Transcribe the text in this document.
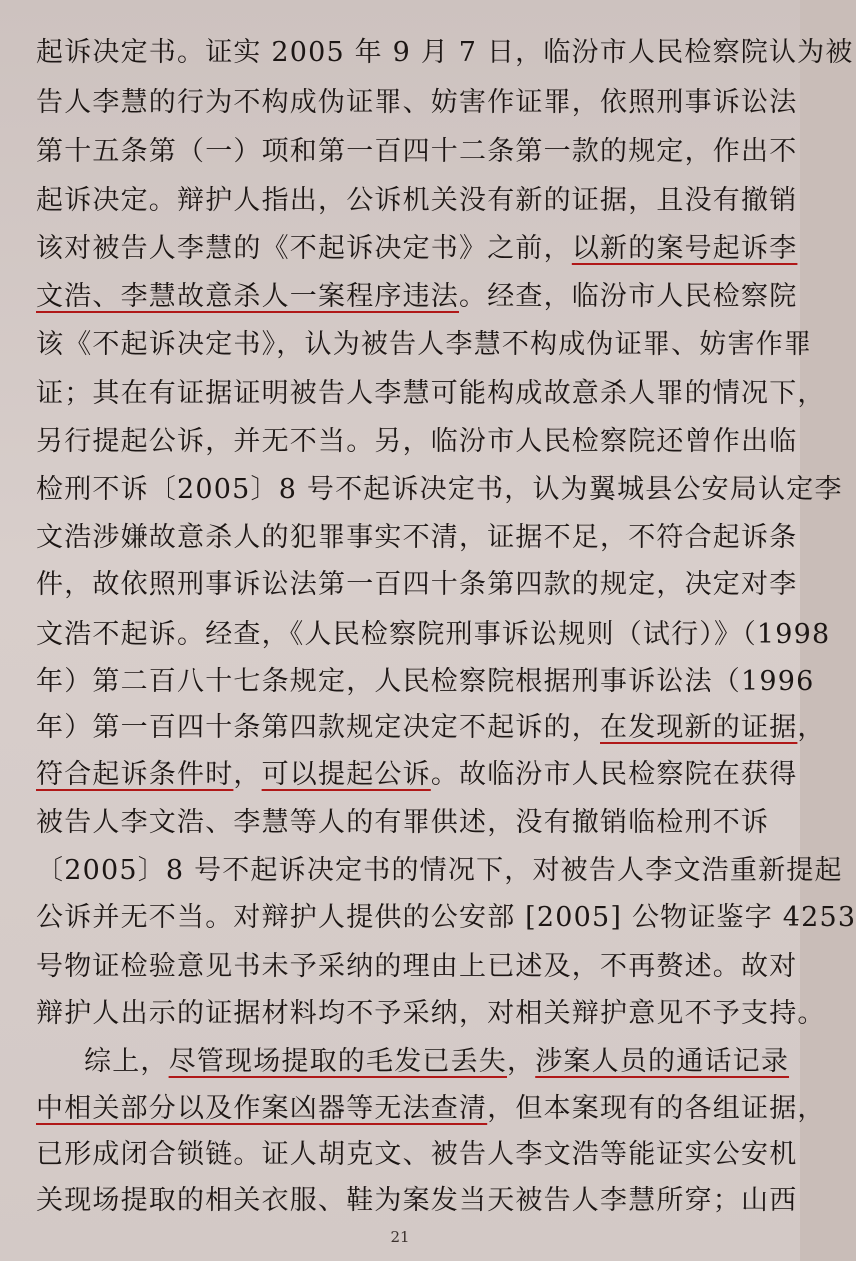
起诉决定书。证实 2005 年 9 月 7 日，临汾市人民检察院认为被
告人李慧的行为不构成伪证罪、妨害作证罪，依照刑事诉讼法
第十五条第（一）项和第一百四十二条第一款的规定，作出不
起诉决定。辩护人指出，公诉机关没有新的证据，且没有撤销
该对被告人李慧的《不起诉决定书》之前，以新的案号起诉李
文浩、李慧故意杀人一案程序违法。经查，临汾市人民检察院
该《不起诉决定书》，认为被告人李慧不构成伪证罪、妨害作罪
证；其在有证据证明被告人李慧可能构成故意杀人罪的情况下，
另行提起公诉，并无不当。另，临汾市人民检察院还曾作出临
检刑不诉〔2005〕8 号不起诉决定书，认为翼城县公安局认定李
文浩涉嫌故意杀人的犯罪事实不清，证据不足，不符合起诉条
件，故依照刑事诉讼法第一百四十条第四款的规定，决定对李
文浩不起诉。经查，《人民检察院刑事诉讼规则（试行）》（1998
年）第二百八十七条规定，人民检察院根据刑事诉讼法（1996
年）第一百四十条第四款规定决定不起诉的，在发现新的证据，
符合起诉条件时，可以提起公诉。故临汾市人民检察院在获得
被告人李文浩、李慧等人的有罪供述，没有撤销临检刑不诉
〔2005〕8 号不起诉决定书的情况下，对被告人李文浩重新提起
公诉并无不当。对辩护人提供的公安部 [2005] 公物证鉴字 4253
号物证检验意见书未予采纳的理由上已述及，不再赘述。故对
辩护人出示的证据材料均不予采纳，对相关辩护意见不予支持。
综上，尽管现场提取的毛发已丢失，涉案人员的通话记录
中相关部分以及作案凶器等无法查清，但本案现有的各组证据，
已形成闭合锁链。证人胡克文、被告人李文浩等能证实公安机
关现场提取的相关衣服、鞋为案发当天被告人李慧所穿；山西
21
